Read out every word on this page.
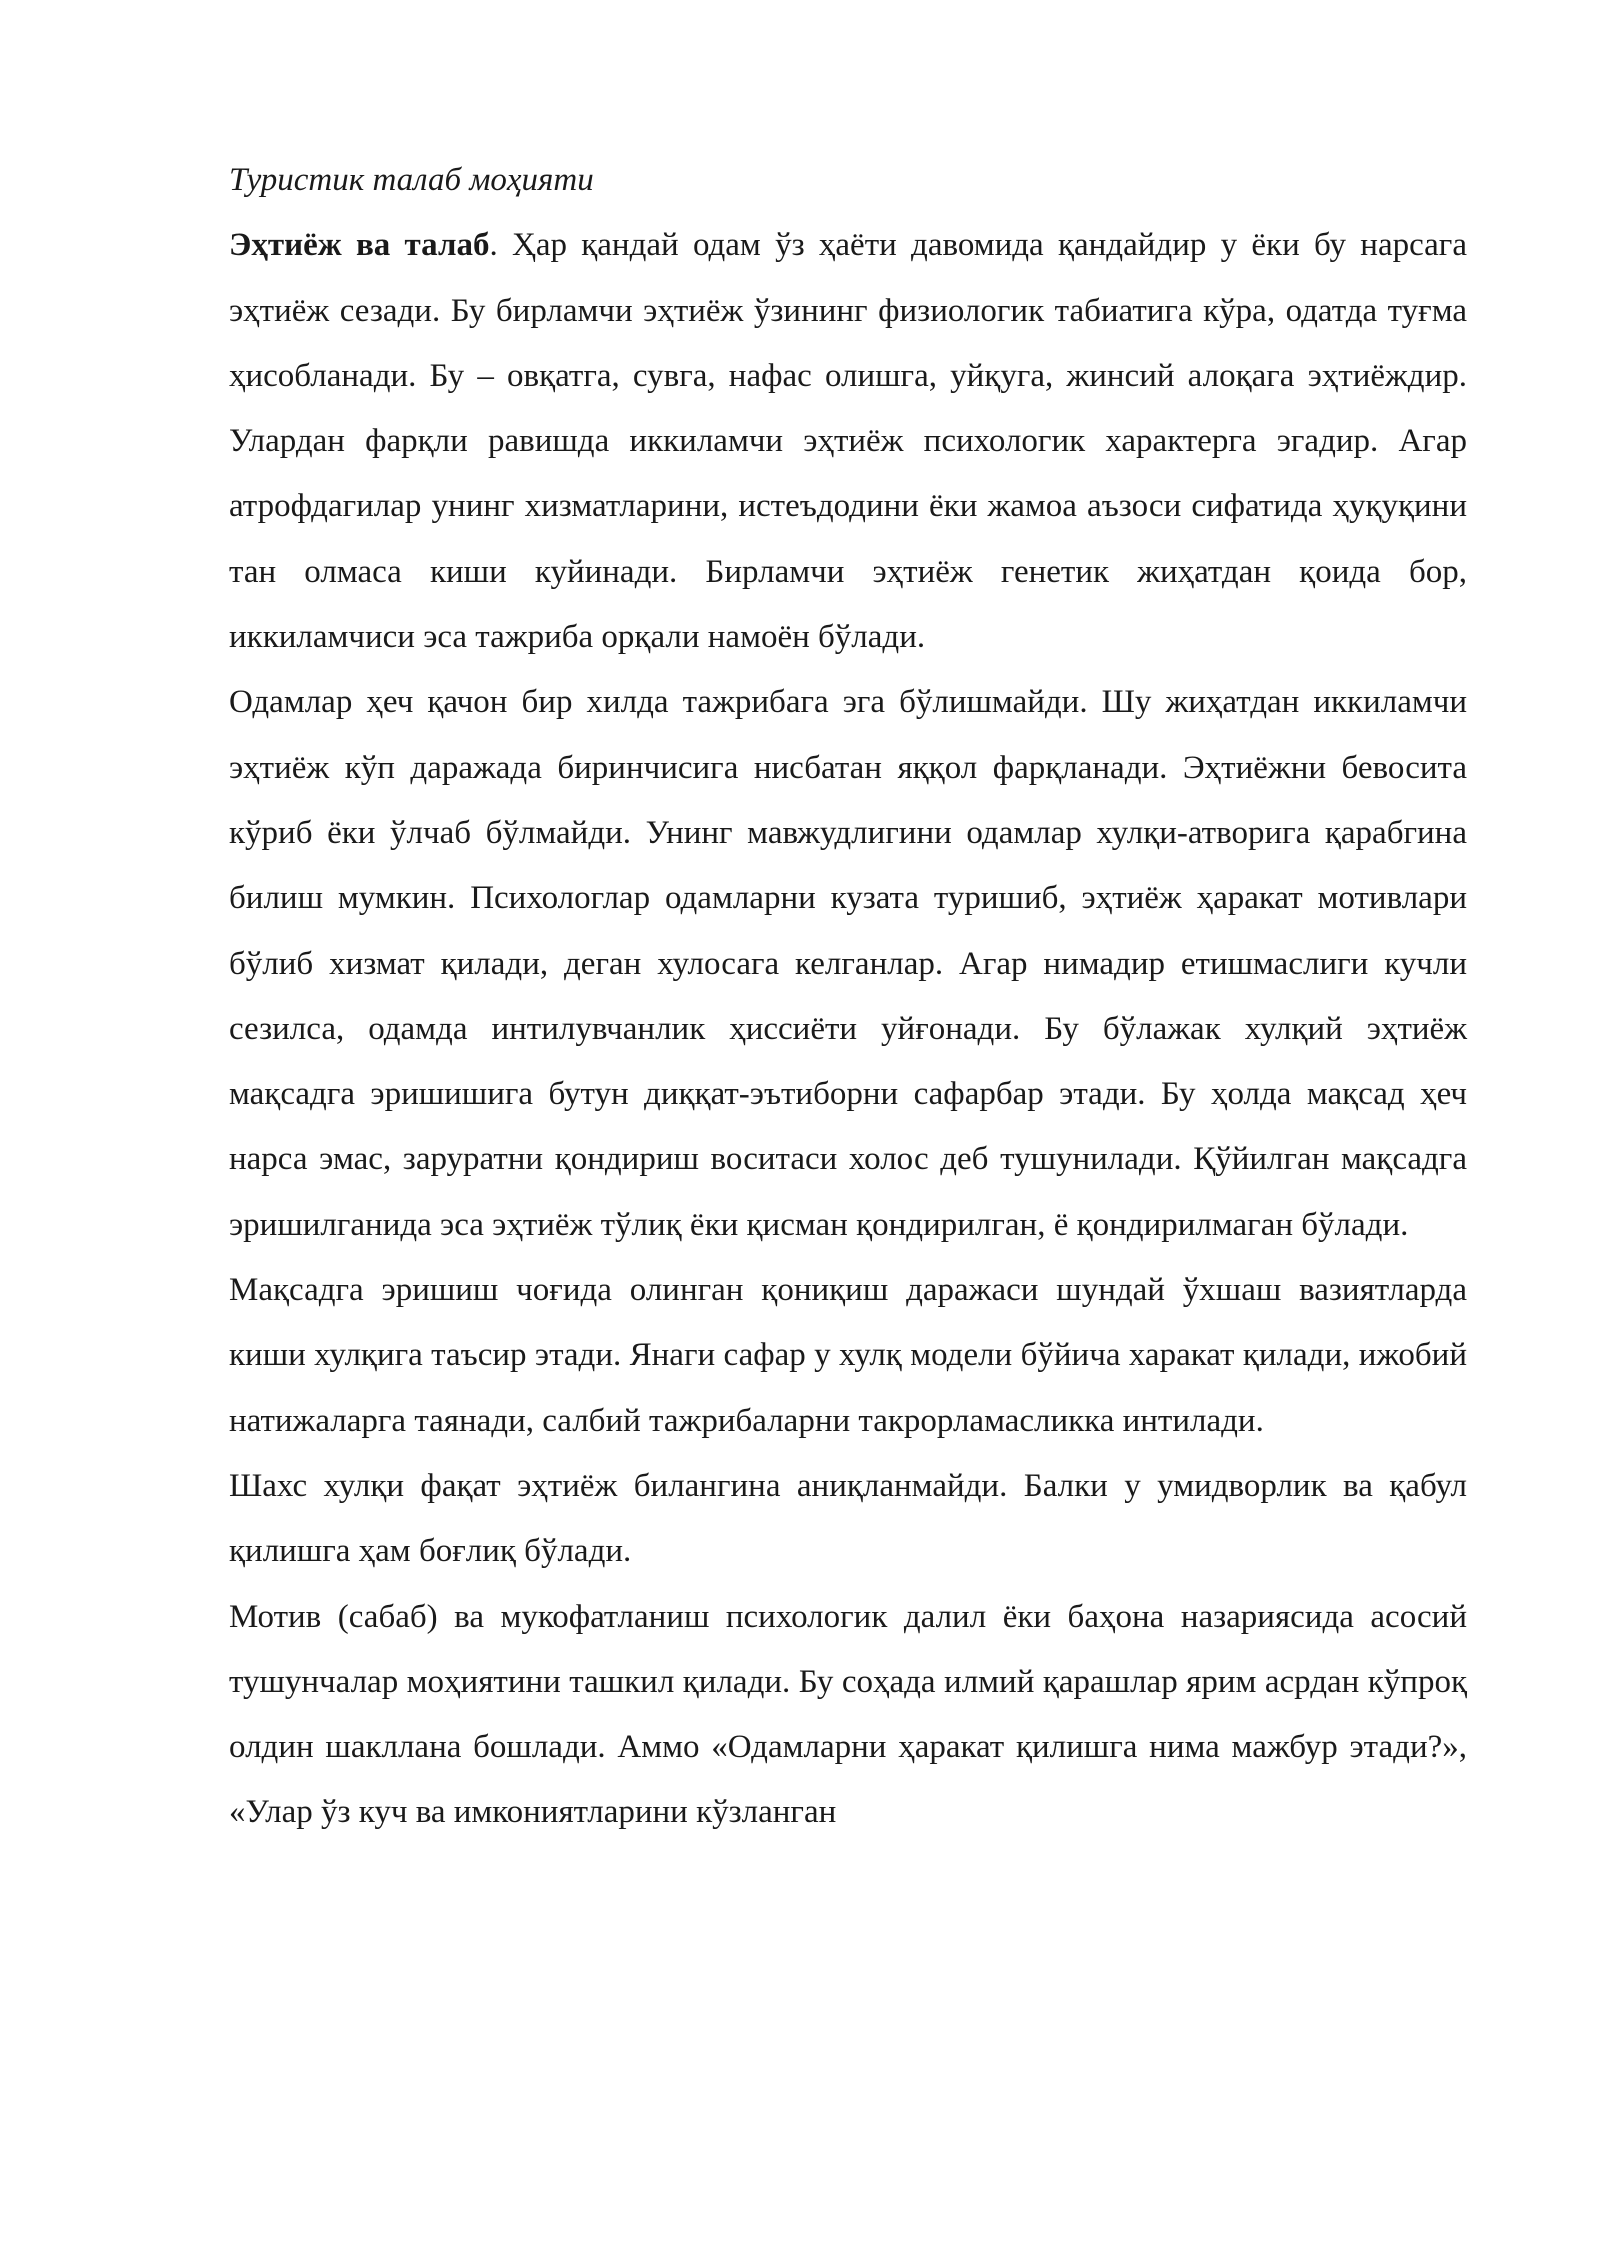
Туристик талаб моҳияти

Эҳтиёж ва талаб. Ҳар қандай одам ўз ҳаёти давомида қандайдир у ёки бу нарсага эҳтиёж сезади. Бу бирламчи эҳтиёж ўзининг физиологик табиатига кўра, одатда туғма ҳисобланади. Бу – овқатга, сувга, нафас олишга, уйқуга, жинсий алоқага эҳтиёждир. Улардан фарқли равишда иккиламчи эҳтиёж психологик характерга эгадир. Агар атрофдагилар унинг хизматларини, истеъдодини ёки жамоа аъзоси сифатида ҳуқуқини тан олмаса киши куйинади. Бирламчи эҳтиёж генетик жиҳатдан қоида бор, иккиламчиси эса тажриба орқали намоён бўлади.

Одамлар ҳеч қачон бир хилда тажрибага эга бўлишмайди. Шу жиҳатдан иккиламчи эҳтиёж кўп даражада биринчисига нисбатан яққол фарқланади. Эҳтиёжни бевосита кўриб ёки ўлчаб бўлмайди. Унинг мавжудлигини одамлар хулқи-атворига қарабгина билиш мумкин. Психологлар одамларни кузата туришиб, эҳтиёж ҳаракат мотивлари бўлиб хизмат қилади, деган хулосага келганлар. Агар нимадир етишмаслиги кучли сезилса, одамда интилувчанлик ҳиссиёти уйғонади. Бу бўлажак хулқий эҳтиёж мақсадга эришишига бутун диққат-эътиборни сафарбар этади. Бу ҳолда мақсад ҳеч нарса эмас, заруратни қондириш воситаси холос деб тушунилади. Қўйилган мақсадга эришилганида эса эҳтиёж тўлиқ ёки қисман қондирилган, ё қондирилмаган бўлади.

Мақсадга эришиш чоғида олинган қониқиш даражаси шундай ўхшаш вазиятларда киши хулқига таъсир этади. Янаги сафар у хулқ модели бўйича харакат қилади, ижобий натижаларга таянади, салбий тажрибаларни такрорламасликка интилади.

Шахс хулқи фақат эҳтиёж билангина аниқланмайди. Балки у умидворлик ва қабул қилишга ҳам боғлиқ бўлади.

Мотив (сабаб) ва мукофатланиш психологик далил ёки баҳона назариясида асосий тушунчалар моҳиятини ташкил қилади. Бу соҳада илмий қарашлар ярим асрдан кўпроқ олдин шакллана бошлади. Аммо «Одамларни ҳаракат қилишга нима мажбур этади?», «Улар ўз куч ва имкониятларини кўзланган
